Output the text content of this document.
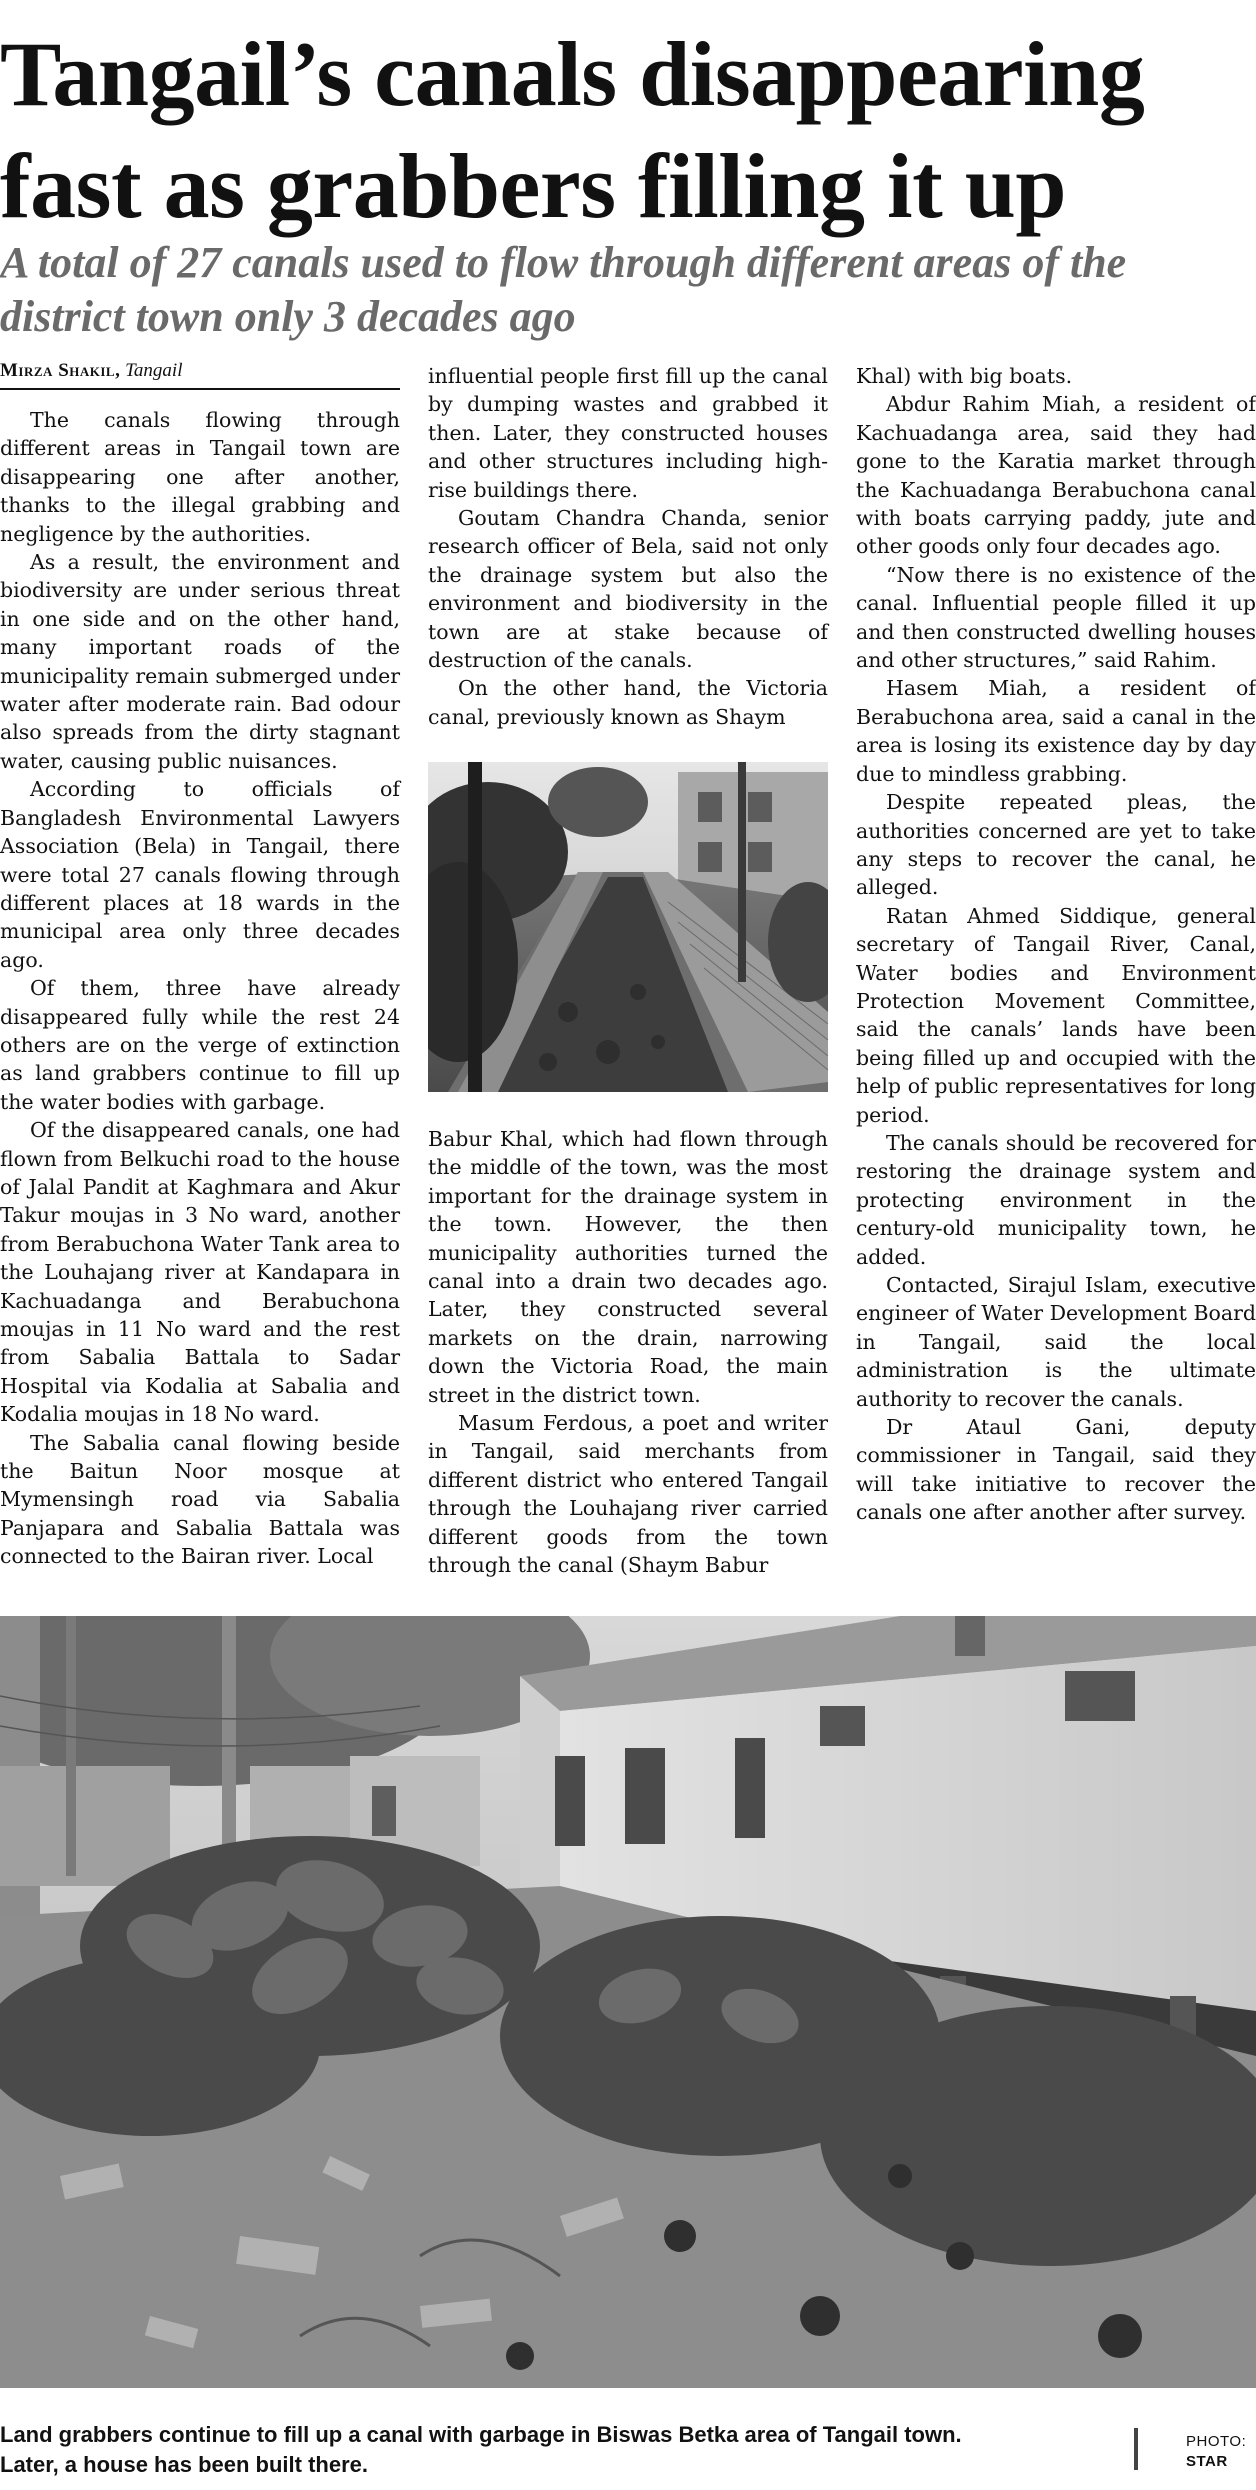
Tangail’s canals disappearing
fast as grabbers filling it up
A total of 27 canals used to flow through different areas of the
district town only 3 decades ago
Mirza Shakil, Tangail

The canals flowing through different areas in Tangail town are disappearing one after another, thanks to the illegal grabbing and negligence by the authorities.

As a result, the environment and biodiversity are under serious threat in one side and on the other hand, many important roads of the municipality remain submerged under water after moderate rain. Bad odour also spreads from the dirty stagnant water, causing public nuisances.

According to officials of Bangladesh Environmental Lawyers Association (Bela) in Tangail, there were total 27 canals flowing through different places at 18 wards in the municipal area only three decades ago.

Of them, three have already disappeared fully while the rest 24 others are on the verge of extinction as land grabbers continue to fill up the water bodies with garbage.

Of the disappeared canals, one had flown from Belkuchi road to the house of Jalal Pandit at Kaghmara and Akur Takur moujas in 3 No ward, another from Berabuchona Water Tank area to the Louhajang river at Kandapara in Kachuadanga and Berabuchona moujas in 11 No ward and the rest from Sabalia Battala to Sadar Hospital via Kodalia at Sabalia and Kodalia moujas in 18 No ward.

The Sabalia canal flowing beside the Baitun Noor mosque at Mymensingh road via Sabalia Panjapara and Sabalia Battala was connected to the Bairan river. Local

influential people first fill up the canal by dumping wastes and grabbed it then. Later, they constructed houses and other structures including high-rise buildings there.

Goutam Chandra Chanda, senior research officer of Bela, said not only the drainage system but also the environment and biodiversity in the town are at stake because of destruction of the canals.

On the other hand, the Victoria canal, previously known as Shaym

Babur Khal, which had flown through the middle of the town, was the most important for the drainage system in the town. However, the then municipality authorities turned the canal into a drain two decades ago. Later, they constructed several markets on the drain, narrowing down the Victoria Road, the main street in the district town.

Masum Ferdous, a poet and writer in Tangail, said merchants from different district who entered Tangail through the Louhajang river carried different goods from the town through the canal (Shaym Babur

Khal) with big boats.

Abdur Rahim Miah, a resident of Kachuadanga area, said they had gone to the Karatia market through the Kachuadanga Berabuchona canal with boats carrying paddy, jute and other goods only four decades ago.

“Now there is no existence of the canal. Influential people filled it up and then constructed dwelling houses and other structures,” said Rahim.

Hasem Miah, a resident of Berabuchona area, said a canal in the area is losing its existence day by day due to mindless grabbing.

Despite repeated pleas, the authorities concerned are yet to take any steps to recover the canal, he alleged.

Ratan Ahmed Siddique, general secretary of Tangail River, Canal, Water bodies and Environment Protection Movement Committee, said the canals’ lands have been being filled up and occupied with the help of public representatives for long period.

The canals should be recovered for restoring the drainage system and protecting environment in the century-old municipality town, he added.

Contacted, Sirajul Islam, executive engineer of Water Development Board in Tangail, said the local administration is the ultimate authority to recover the canals.

Dr Ataul Gani, deputy commissioner in Tangail, said they will take initiative to recover the canals one after another after survey.

Land grabbers continue to fill up a canal with garbage in Biswas Betka area of Tangail town.
Later, a house has been built there.
PHOTO:
STAR
